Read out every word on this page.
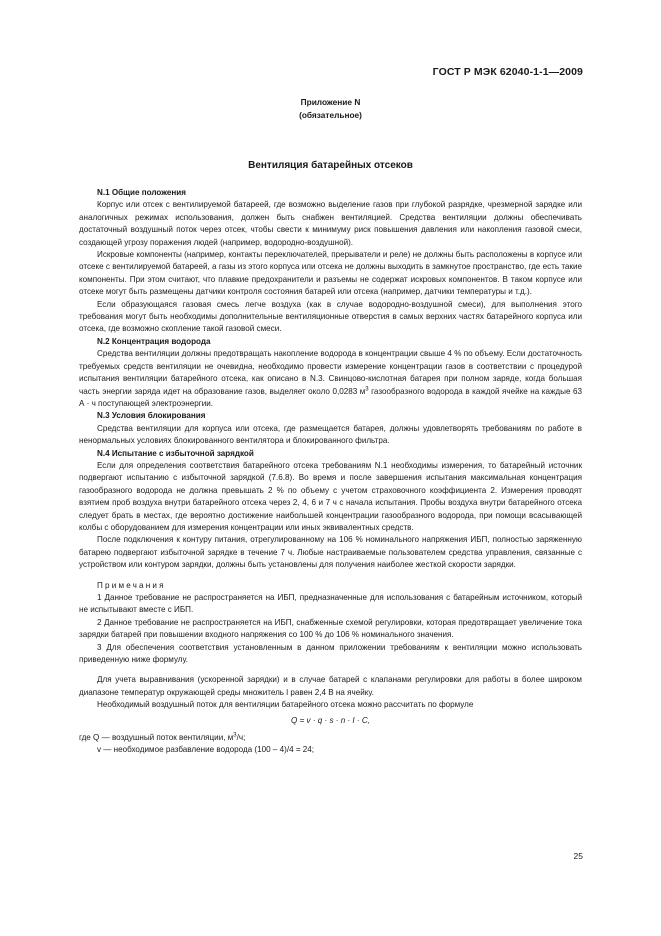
ГОСТ Р МЭК 62040-1-1—2009
Приложение N
(обязательное)
Вентиляция батарейных отсеков
N.1 Общие положения

Корпус или отсек с вентилируемой батареей, где возможно выделение газов при глубокой разрядке, чрезмерной зарядке или аналогичных режимах использования, должен быть снабжен вентиляцией. Средства вентиляции должны обеспечивать достаточный воздушный поток через отсек, чтобы свести к минимуму риск повышения давления или накопления газовой смеси, создающей угрозу поражения людей (например, водородно-воздушной).

Искровые компоненты (например, контакты переключателей, прерыватели и реле) не должны быть расположены в корпусе или отсеке с вентилируемой батареей, а газы из этого корпуса или отсека не должны выходить в замкнутое пространство, где есть такие компоненты. При этом считают, что плавкие предохранители и разъемы не содержат искровых компонентов. В таком корпусе или отсеке могут быть размещены датчики контроля состояния батарей или отсека (например, датчики температуры и т.д.).

Если образующаяся газовая смесь легче воздуха (как в случае водородно-воздушной смеси), для выполнения этого требования могут быть необходимы дополнительные вентиляционные отверстия в самых верхних частях батарейного корпуса или отсека, где возможно скопление такой газовой смеси.

N.2 Концентрация водорода

Средства вентиляции должны предотвращать накопление водорода в концентрации свыше 4 % по объему. Если достаточность требуемых средств вентиляции не очевидна, необходимо провести измерение концентрации газов в соответствии с процедурой испытания вентиляции батарейного отсека, как описано в N.3. Свинцово-кислотная батарея при полном заряде, когда большая часть энергии заряда идет на образование газов, выделяет около 0,0283 $м^3$ газообразного водорода в каждой ячейке на каждые 63 А · ч поступающей электроэнергии.

N.3 Условия блокирования

Средства вентиляции для корпуса или отсека, где размещается батарея, должны удовлетворять требованиям по работе в ненормальных условиях блокированного вентилятора и блокированного фильтра.

N.4 Испытание с избыточной зарядкой

Если для определения соответствия батарейного отсека требованиям N.1 необходимы измерения, то батарейный источник подвергают испытанию с избыточной зарядкой (7.6.8). Во время и после завершения испытания максимальная концентрация газообразного водорода не должна превышать 2 % по объему с учетом страховочного коэффициента 2. Измерения проводят взятием проб воздуха внутри батарейного отсека через 2, 4, 6 и 7 ч с начала испытания. Пробы воздуха внутри батарейного отсека следует брать в местах, где вероятно достижение наибольшей концентрации газообразного водорода, при помощи всасывающей колбы с оборудованием для измерения концентрации или иных эквивалентных средств.

После подключения к контуру питания, отрегулированному на 106 % номинального напряжения ИБП, полностью заряженную батарею подвергают избыточной зарядке в течение 7 ч. Любые настраиваемые пользователем средства управления, связанные с устройством или контуром зарядки, должны быть установлены для получения наиболее жесткой скорости зарядки.

Примечания

1 Данное требование не распространяется на ИБП, предназначенные для использования с батарейным источником, который не испытывают вместе с ИБП.

2 Данное требование не распространяется на ИБП, снабженные схемой регулировки, которая предотвращает увеличение тока зарядки батарей при повышении входного напряжения со 100 % до 106 % номинального значения.

3 Для обеспечения соответствия установленным в данном приложении требованиям к вентиляции можно использовать приведенную ниже формулу.

Для учета выравнивания (ускоренной зарядки) и в случае батарей с клапанами регулировки для работы в более широком диапазоне температур окружающей среды множитель l равен 2,4 В на ячейку.

Необходимый воздушный поток для вентиляции батарейного отсека можно рассчитать по формуле

Q = v · q · s · n · I · C,
где Q — воздушный поток вентиляции, $м^3/ч$;
v — необходимое разбавление водорода (100 – 4)/4 = 24;
25
